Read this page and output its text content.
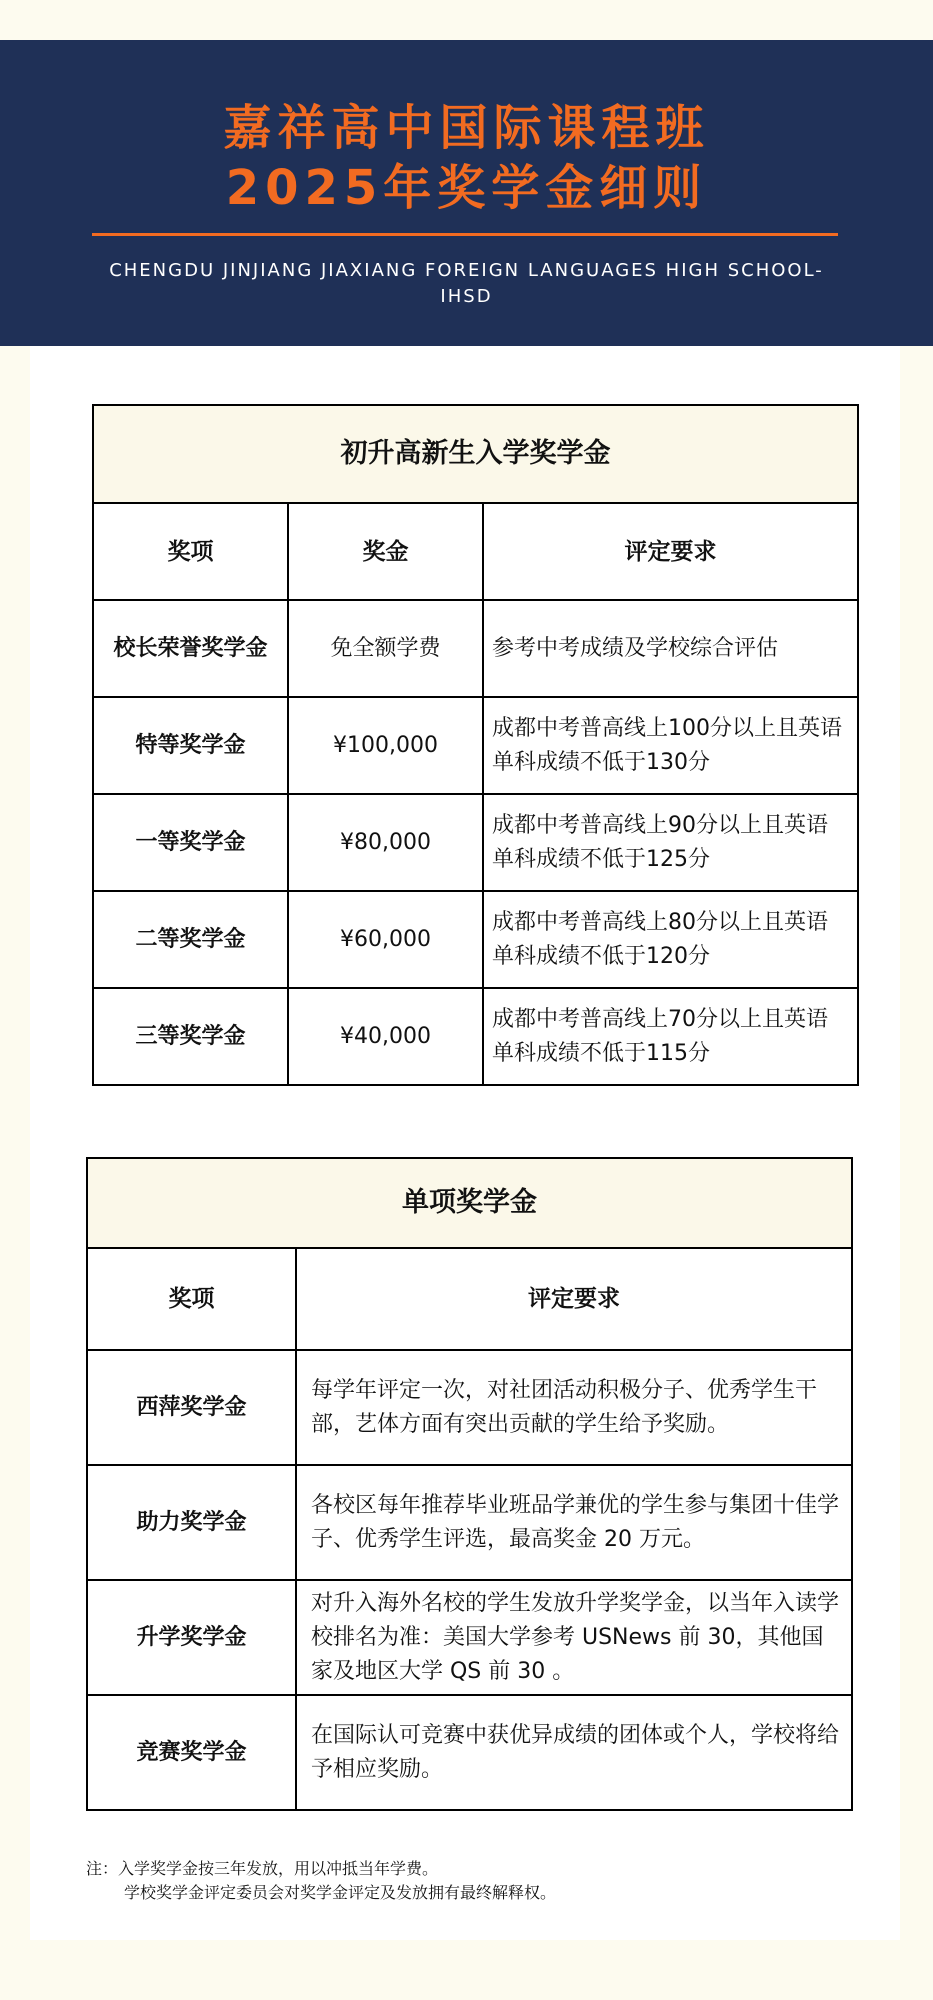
嘉祥高中国际课程班
2025年奖学金细则
CHENGDU JINJIANG JIAXIANG FOREIGN LANGUAGES HIGH SCHOOL-IHSD
初升高新生入学奖学金		
奖项	奖金	评定要求
校长荣誉奖学金	免全额学费	参考中考成绩及学校综合评估
特等奖学金	¥100,000	成都中考普高线上100分以上且英语单科成绩不低于130分
一等奖学金	¥80,000	成都中考普高线上90分以上且英语单科成绩不低于125分
二等奖学金	¥60,000	成都中考普高线上80分以上且英语单科成绩不低于120分
三等奖学金	¥40,000	成都中考普高线上70分以上且英语单科成绩不低于115分
单项奖学金	
奖项	评定要求
西萍奖学金	每学年评定一次，对社团活动积极分子、优秀学生干部，艺体方面有突出贡献的学生给予奖励。
助力奖学金	各校区每年推荐毕业班品学兼优的学生参与集团十佳学子、优秀学生评选，最高奖金 20 万元。
升学奖学金	对升入海外名校的学生发放升学奖学金，以当年入读学校排名为准：美国大学参考 USNews 前 30，其他国家及地区大学 QS 前 30 。
竞赛奖学金	在国际认可竞赛中获优异成绩的团体或个人，学校将给予相应奖励。
注：入学奖学金按三年发放，用以冲抵当年学费。
学校奖学金评定委员会对奖学金评定及发放拥有最终解释权。
